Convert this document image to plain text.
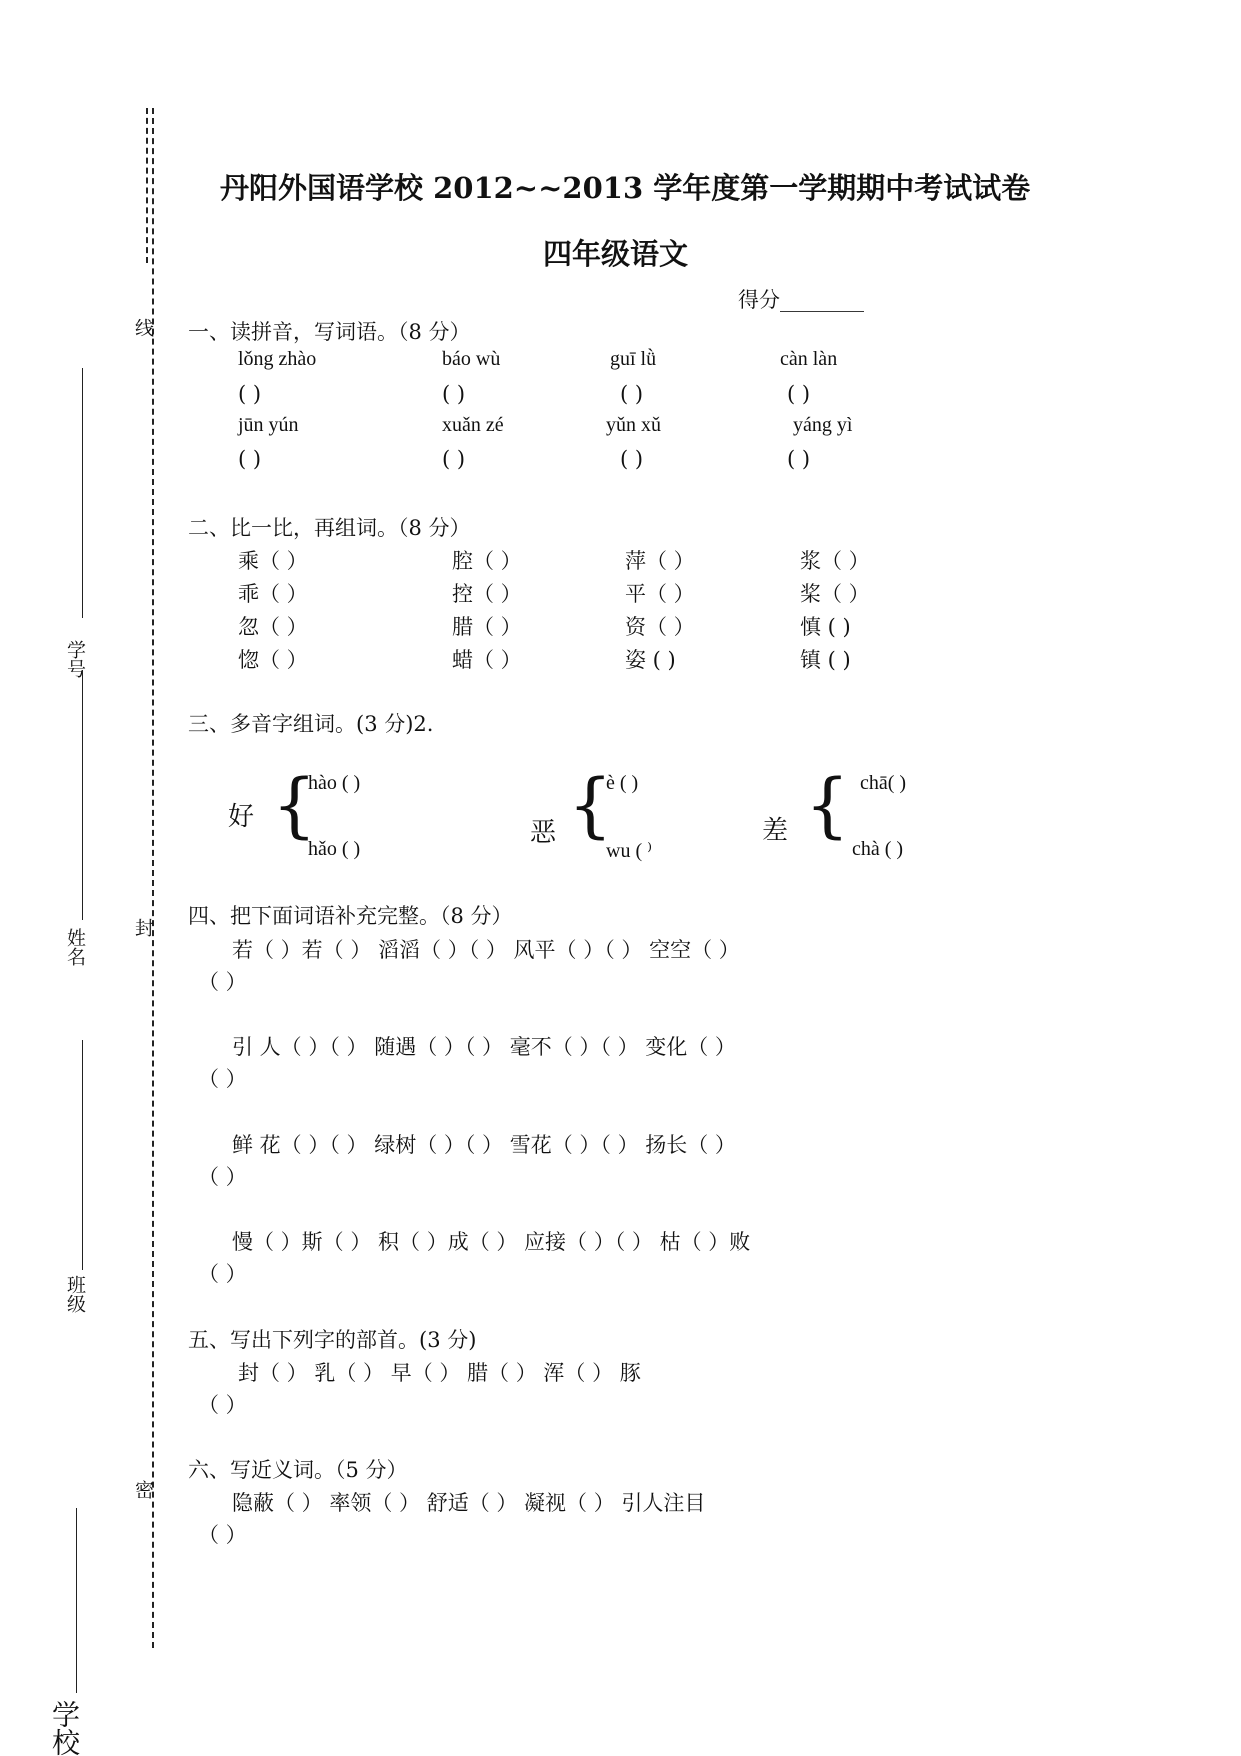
线
封
密
学号
姓名
班级
学校
丹阳外国语学校 2012~~2013 学年度第一学期期中考试试卷
四年级语文
得分________
一、读拼音，写词语。（8 分）
lǒng zhào	báo wù	guī lǜ	càn làn
( )	( )	( )	( )
jūn yún	xuǎn zé	yǔn xǔ	yáng yì
( )	( )	( )	( )
二、比一比，再组词。（8 分）
乘（ ）	腔（ ）	萍（ ）	浆（ ）
乖（ ）	控（ ）	平（ ）	桨（ ）
忽（ ）	腊（ ）	资（ ）	慎 ( )
惚（ ）	蜡（ ）	姿 ( )	镇 ( )
三、多音字组词。(3 分)2.
好 {
hào ( )
hǎo ( )
恶 {
è ( )
wu ( ⁾
差 { chā( )
chà ( )
四、把下面词语补充完整。（8 分）
若（ ）若（ ） 滔滔（ ）（ ） 风平（ ）（ ） 空空（ ）
（ ）
引 人（ ）（ ） 随遇（ ）（ ） 毫不（ ）（ ） 变化（ ）
（ ）
鲜 花（ ）（ ） 绿树（ ）（ ） 雪花（ ）（ ） 扬长（ ）
（ ）
慢（ ）斯（ ） 积（ ）成（ ） 应接（ ）（ ） 枯（ ）败
（ ）
五、写出下列字的部首。(3 分)
封（ ） 乳（ ） 早（ ） 腊（ ） 浑（ ） 豚
（ ）
六、写近义词。（5 分）
隐蔽（ ） 率领（ ） 舒适（ ） 凝视（ ） 引人注目
（ ）
